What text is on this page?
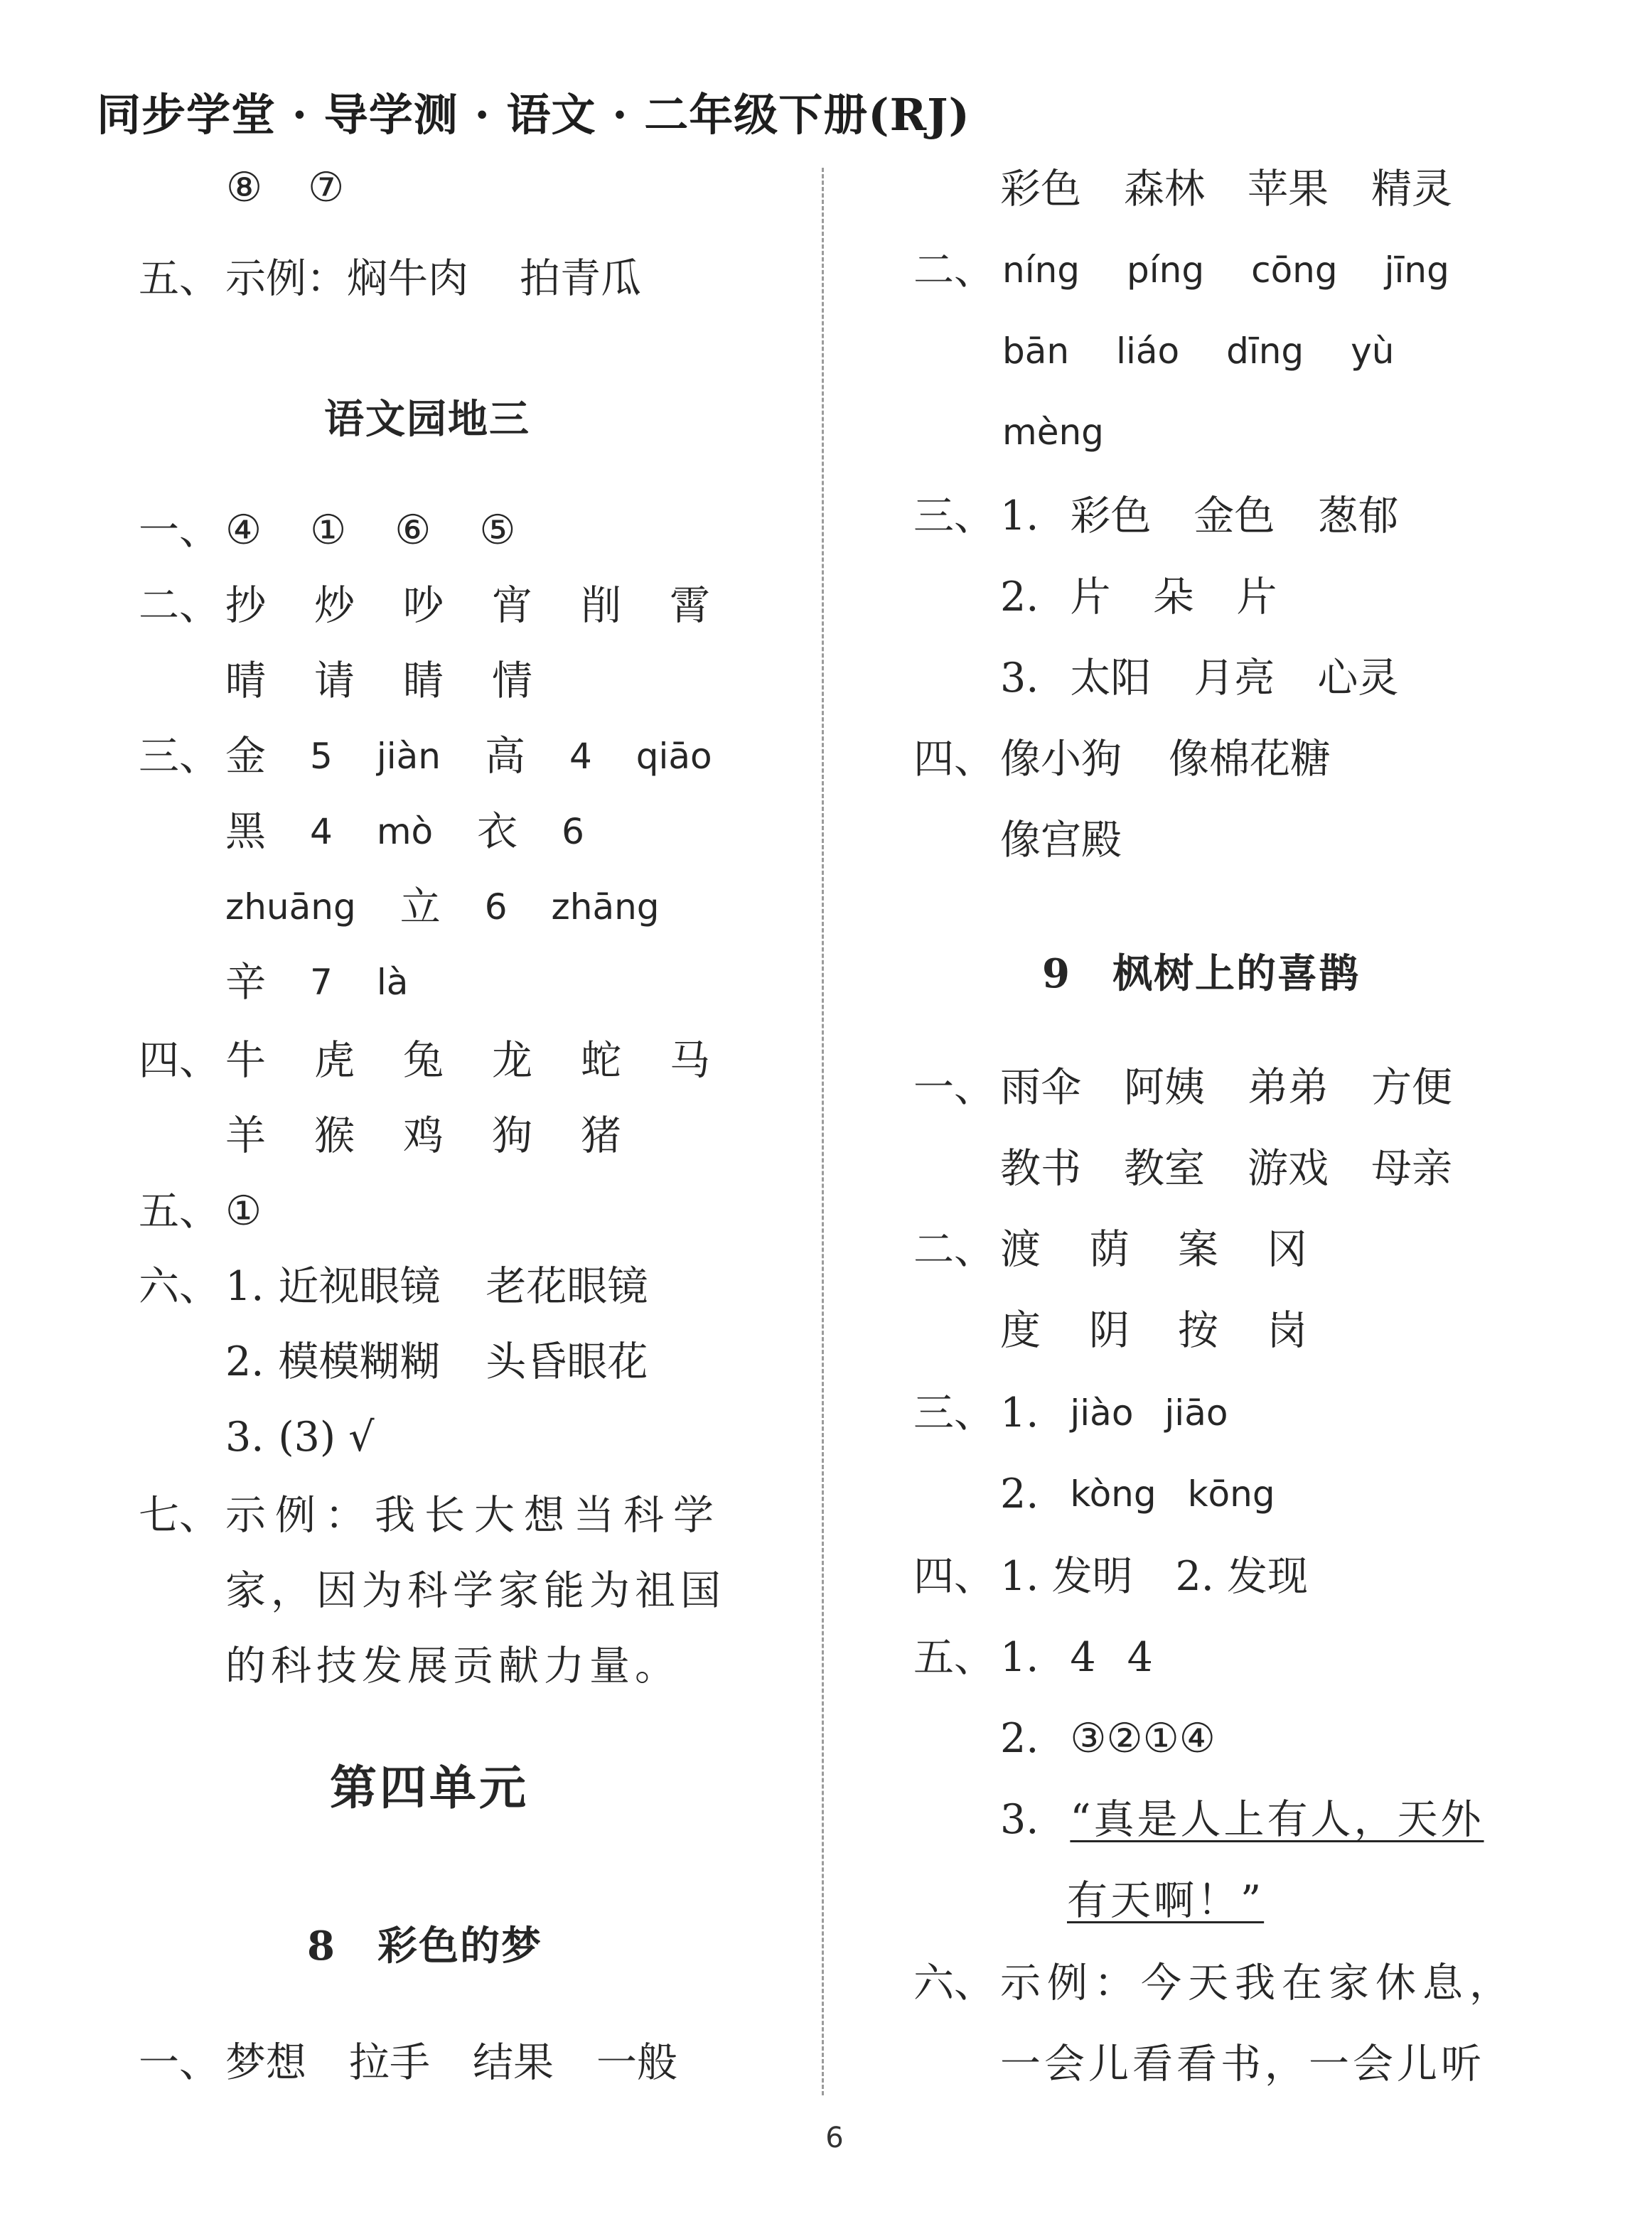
同步学堂 · 导学测 · 语文 · 二年级下册(RJ)
⑧ ⑦
五、 示例：焖牛肉 拍青瓜
语文园地三
一、 ④ ① ⑥ ⑤
二、 抄 炒 吵 宵 削 霄
晴 请 睛 情
三、 金 5 jiàn 高 4 qiāo
黑 4 mò 衣 6
zhuāng 立 6 zhāng
辛 7 là
四、 牛 虎 兔 龙 蛇 马
羊 猴 鸡 狗 猪
五、 ①
六、 1. 近视眼镜 老花眼镜
2. 模模糊糊 头昏眼花
3. (3) √
七、 示例：我长大想当科学
家，因为科学家能为祖国
的科技发展贡献力量。
第四单元
8　彩色的梦
一、 梦想 拉手 结果 一般
彩色 森林 苹果 精灵
二、 níng píng cōng jīng
bān liáo dīng yù
mèng
三、 1. 彩色 金色 葱郁
2. 片 朵 片
3. 太阳 月亮 心灵
四、 像小狗 像棉花糖
像宫殿
9　枫树上的喜鹊
一、 雨伞 阿姨 弟弟 方便
教书 教室 游戏 母亲
二、 渡 荫 案 冈
度 阴 按 岗
三、 1. jiào jiāo
2. kòng kōng
四、 1. 发明 2. 发现
五、 1. 4 4
2. ③②①④
3. “真是人上有人，天外
有天啊！”
六、 示例：今天我在家休息，
一会儿看看书，一会儿听
6
